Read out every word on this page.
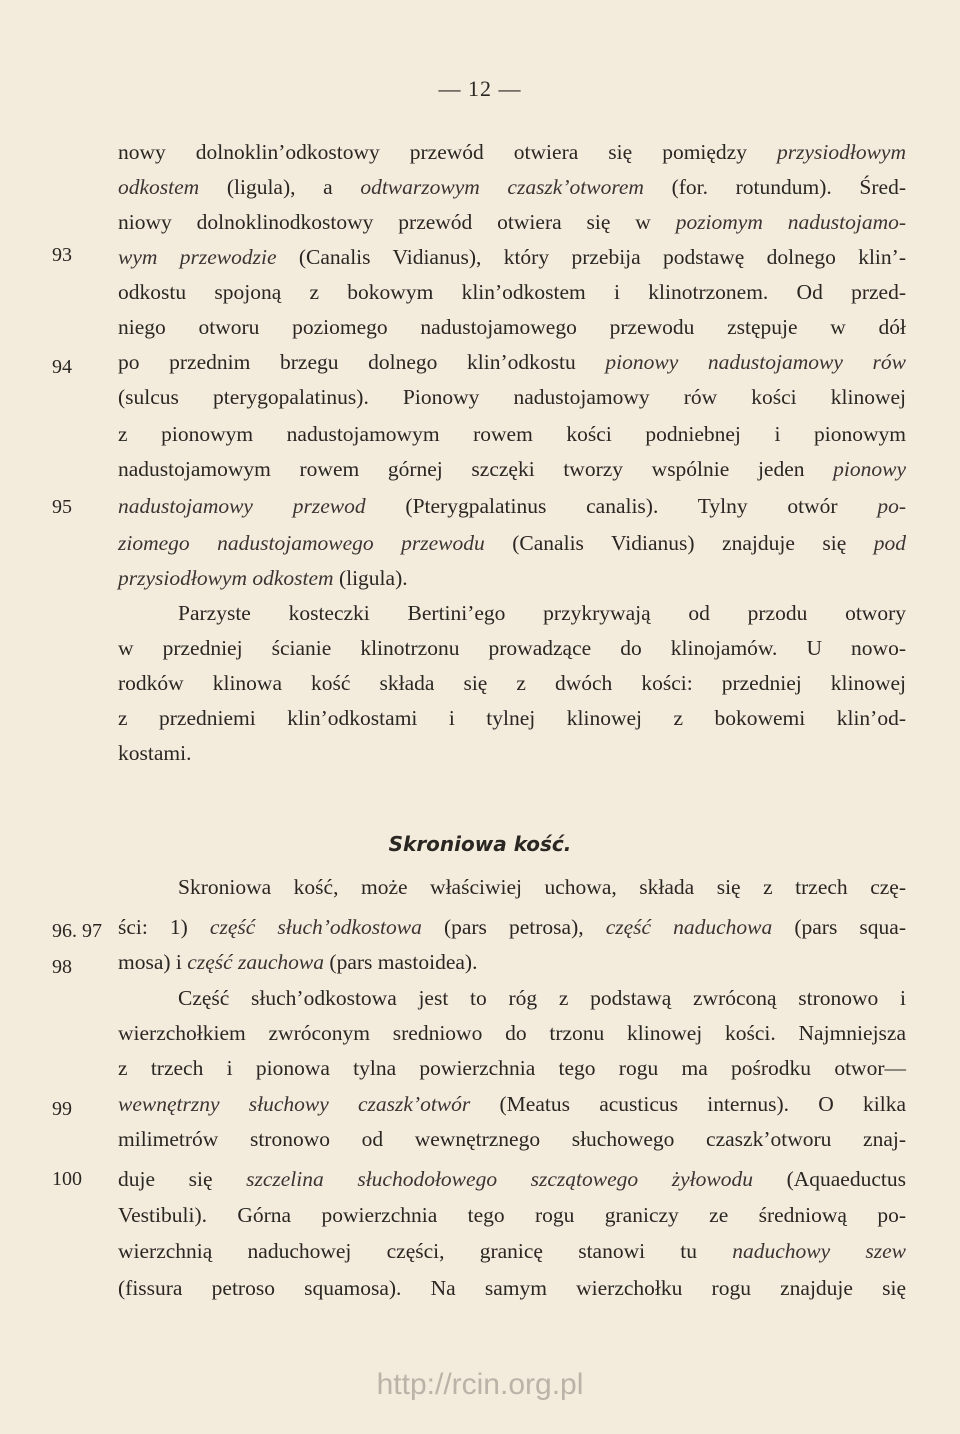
— 12 —
nowy dolnoklin’odkostowy przewód otwiera się pomiędzy przysiodłowym
odkostem (ligula), a odtwarzowym czaszk’otworem (for. rotundum). Śred-
niowy dolnoklinodkostowy przewód otwiera się w poziomym nadustojamo-
wym przewodzie (Canalis Vidianus), który przebija podstawę dolnego klin’-
odkostu spojoną z bokowym klin’odkostem i klinotrzonem. Od przed-
niego otworu poziomego nadustojamowego przewodu zstępuje w dół
po przednim brzegu dolnego klin’odkostu pionowy nadustojamowy rów
(sulcus pterygopalatinus). Pionowy nadustojamowy rów kości klinowej
z pionowym nadustojamowym rowem kości podniebnej i pionowym
nadustojamowym rowem górnej szczęki tworzy wspólnie jeden pionowy
nadustojamowy przewod (Pterygpalatinus canalis). Tylny otwór po-
ziomego nadustojamowego przewodu (Canalis Vidianus) znajduje się pod
przysiodłowym odkostem (ligula).
Parzyste kosteczki Bertini’ego przykrywają od przodu otwory
w przedniej ścianie klinotrzonu prowadzące do klinojamów. U nowo-
rodków klinowa kość składa się z dwóch kości: przedniej klinowej
z przedniemi klin’odkostami i tylnej klinowej z bokowemi klin’od-
kostami.
Skroniowa kość, może właściwiej uchowa, składa się z trzech czę-
ści: 1) część słuch’odkostowa (pars petrosa), część naduchowa (pars squa-
mosa) i część zauchowa (pars mastoidea).
Część słuch’odkostowa jest to róg z podstawą zwróconą stronowo i
wierzchołkiem zwróconym sredniowo do trzonu klinowej kości. Najmniejsza
z trzech i pionowa tylna powierzchnia tego rogu ma pośrodku otwor—
wewnętrzny słuchowy czaszk’otwór (Meatus acusticus internus). O kilka
milimetrów stronowo od wewnętrznego słuchowego czaszk’otworu znaj-
duje się szczelina słuchodołowego szczątowego żyłowodu (Aquaeductus
Vestibuli). Górna powierzchnia tego rogu graniczy ze średniową po-
wierzchnią naduchowej części, granicę stanowi tu naduchowy szew
(fissura petroso squamosa). Na samym wierzchołku rogu znajduje się
93
94
95
96. 97
98
99
100
Skroniowa kość.
http://rcin.org.pl
